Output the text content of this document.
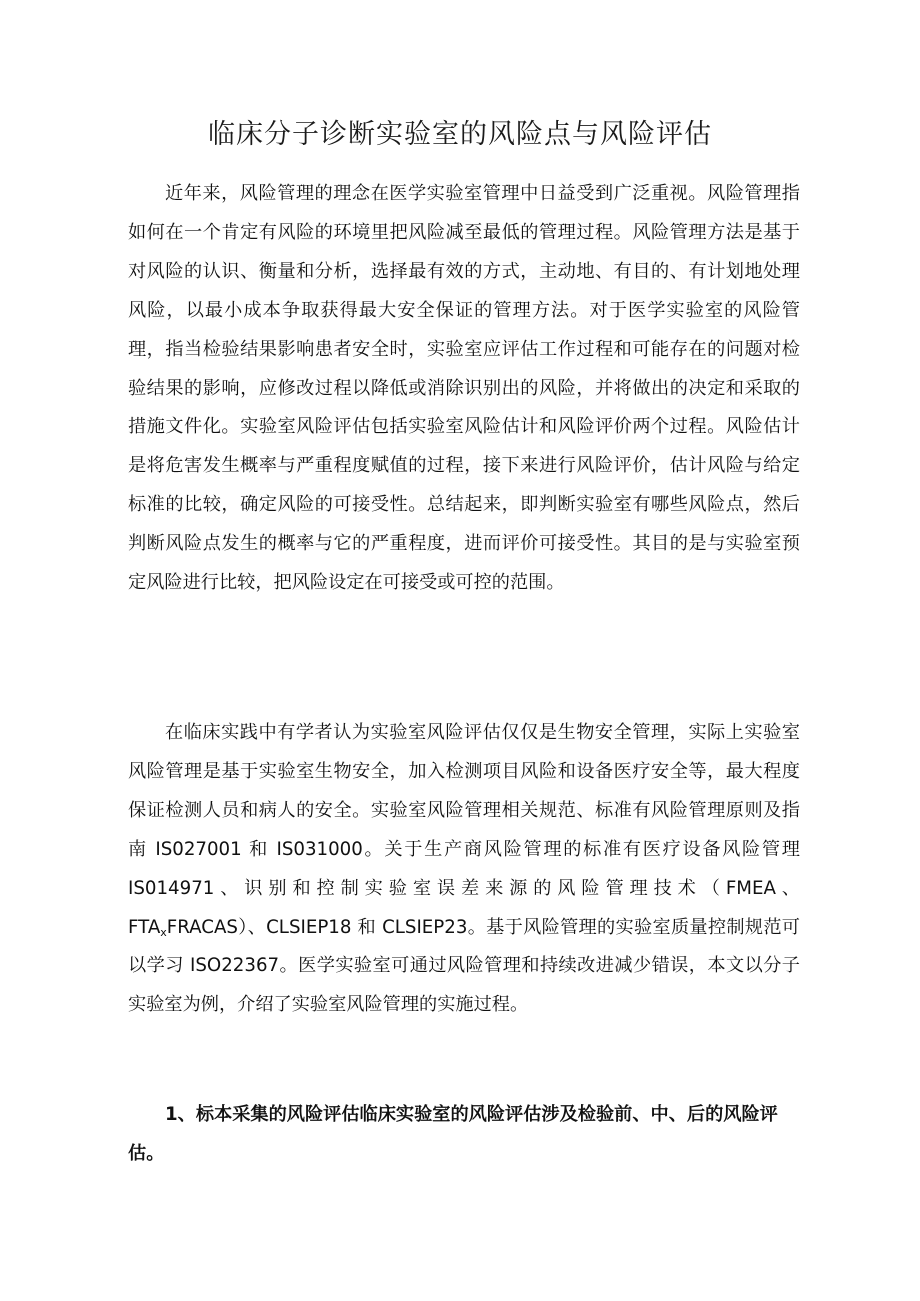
临床分子诊断实验室的风险点与风险评估

近年来，风险管理的理念在医学实验室管理中日益受到广泛重视。风险管理指如何在一个肯定有风险的环境里把风险减至最低的管理过程。风险管理方法是基于对风险的认识、衡量和分析，选择最有效的方式，主动地、有目的、有计划地处理风险，以最小成本争取获得最大安全保证的管理方法。对于医学实验室的风险管理，指当检验结果影响患者安全时，实验室应评估工作过程和可能存在的问题对检验结果的影响，应修改过程以降低或消除识别出的风险，并将做出的决定和采取的措施文件化。实验室风险评估包括实验室风险估计和风险评价两个过程。风险估计是将危害发生概率与严重程度赋值的过程，接下来进行风险评价，估计风险与给定标准的比较，确定风险的可接受性。总结起来，即判断实验室有哪些风险点，然后判断风险点发生的概率与它的严重程度，进而评价可接受性。其目的是与实验室预定风险进行比较，把风险设定在可接受或可控的范围。

在临床实践中有学者认为实验室风险评估仅仅是生物安全管理，实际上实验室风险管理是基于实验室生物安全，加入检测项目风险和设备医疗安全等，最大程度保证检测人员和病人的安全。实验室风险管理相关规范、标准有风险管理原则及指南 IS027001 和 IS031000。关于生产商风险管理的标准有医疗设备风险管理 IS014971、识别和控制实验室误差来源的风险管理技术（FMEA、$FTA_xFRACAS$）、CLSIEP18 和 CLSIEP23。基于风险管理的实验室质量控制规范可以学习 ISO22367。医学实验室可通过风险管理和持续改进减少错误，本文以分子实验室为例，介绍了实验室风险管理的实施过程。

1、标本采集的风险评估临床实验室的风险评估涉及检验前、中、后的风险评估。
